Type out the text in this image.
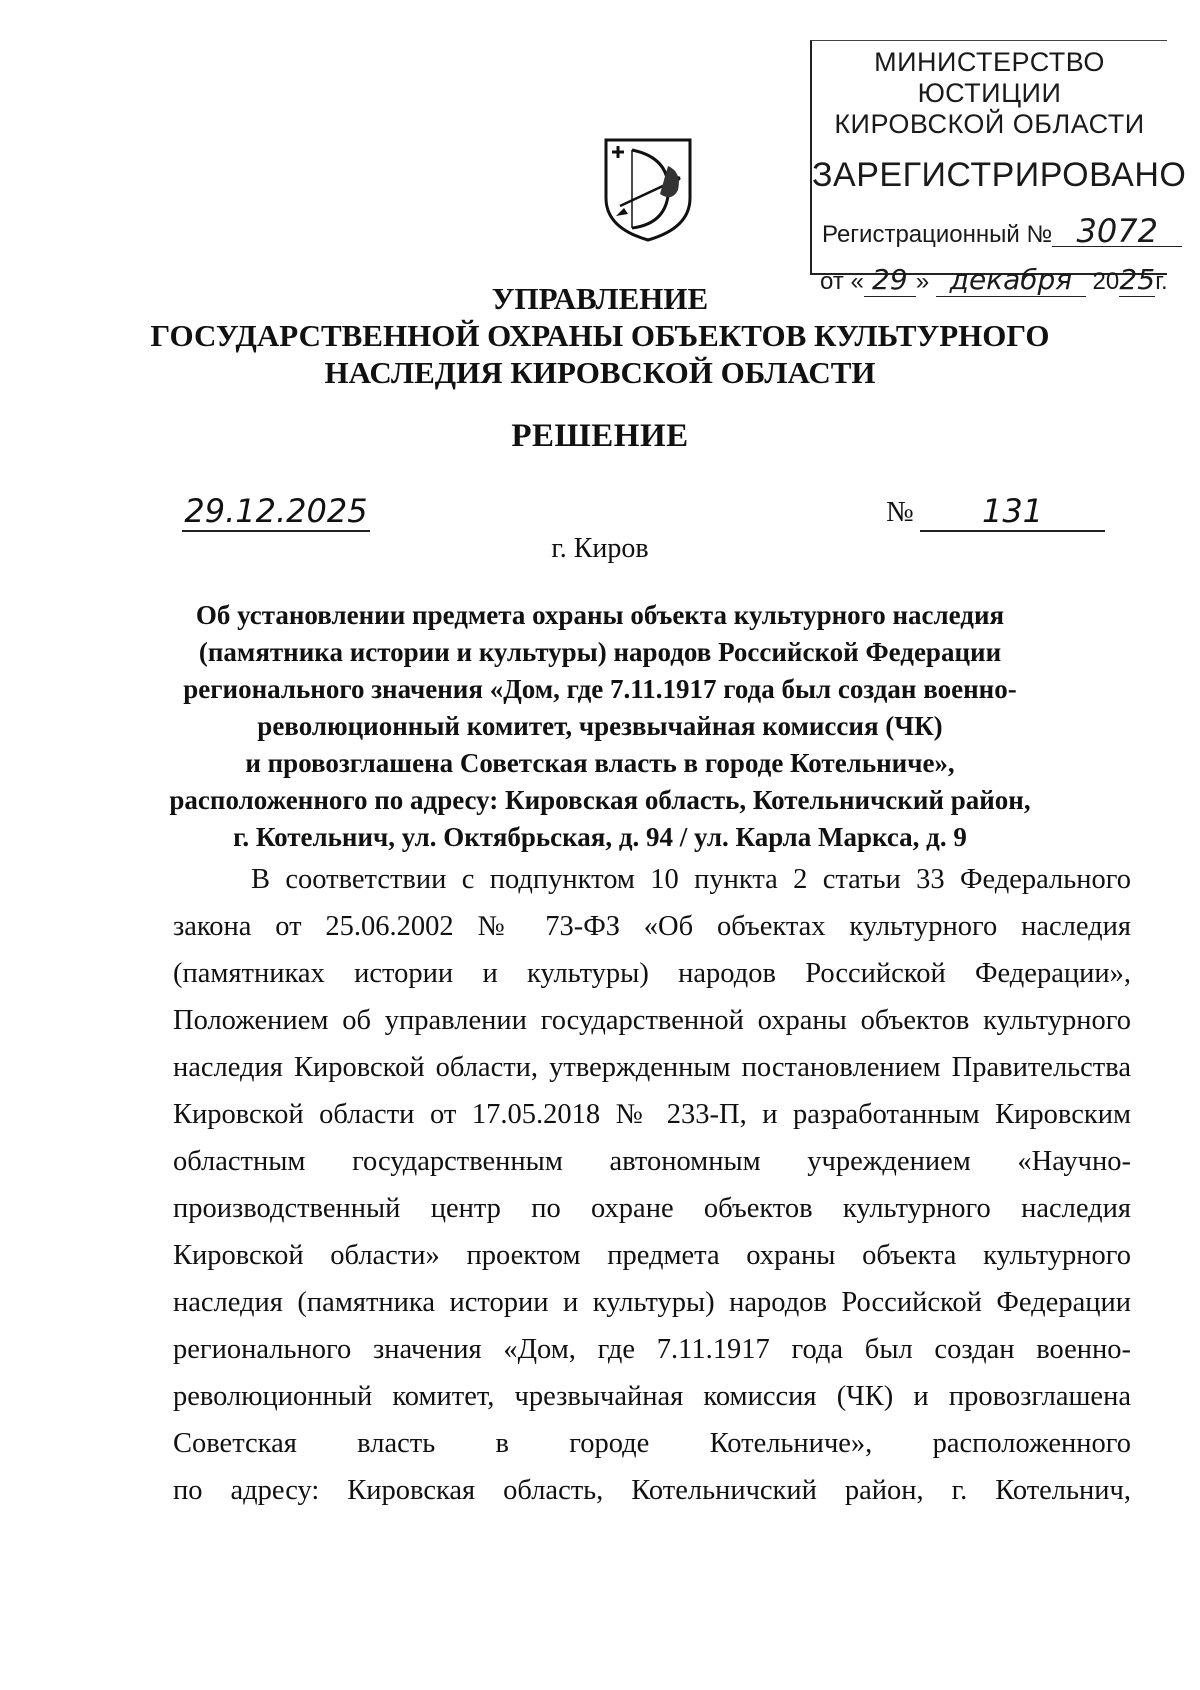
МИНИСТЕРСТВО ЮСТИЦИИ
КИРОВСКОЙ ОБЛАСТИ
ЗАРЕГИСТРИРОВАНО
Регистрационный № 3072
от « 29 » декабря 2025г.
УПРАВЛЕНИЕ
ГОСУДАРСТВЕННОЙ ОХРАНЫ ОБЪЕКТОВ КУЛЬТУРНОГО
НАСЛЕДИЯ КИРОВСКОЙ ОБЛАСТИ
РЕШЕНИЕ
29.12.2025	№	131
г. Киров
Об установлении предмета охраны объекта культурного наследия
(памятника истории и культуры) народов Российской Федерации
регионального значения «Дом, где 7.11.1917 года был создан военно-
революционный комитет, чрезвычайная комиссия (ЧК)
и провозглашена Советская власть в городе Котельниче»,
расположенного по адресу: Кировская область, Котельничский район,
г. Котельнич, ул. Октябрьская, д. 94 / ул. Карла Маркса, д. 9
В соответствии с подпунктом 10 пункта 2 статьи 33 Федерального
закона от 25.06.2002 № 73-ФЗ «Об объектах культурного наследия
(памятниках истории и культуры) народов Российской Федерации»,
Положением об управлении государственной охраны объектов культурного
наследия Кировской области, утвержденным постановлением Правительства
Кировской области от 17.05.2018 № 233-П, и разработанным Кировским
областным государственным автономным учреждением «Научно-
производственный центр по охране объектов культурного наследия
Кировской области» проектом предмета охраны объекта культурного
наследия (памятника истории и культуры) народов Российской Федерации
регионального значения «Дом, где 7.11.1917 года был создан военно-
революционный комитет, чрезвычайная комиссия (ЧК) и провозглашена
Советская власть в городе Котельниче», расположенного
по адресу: Кировская область, Котельничский район, г. Котельнич,
